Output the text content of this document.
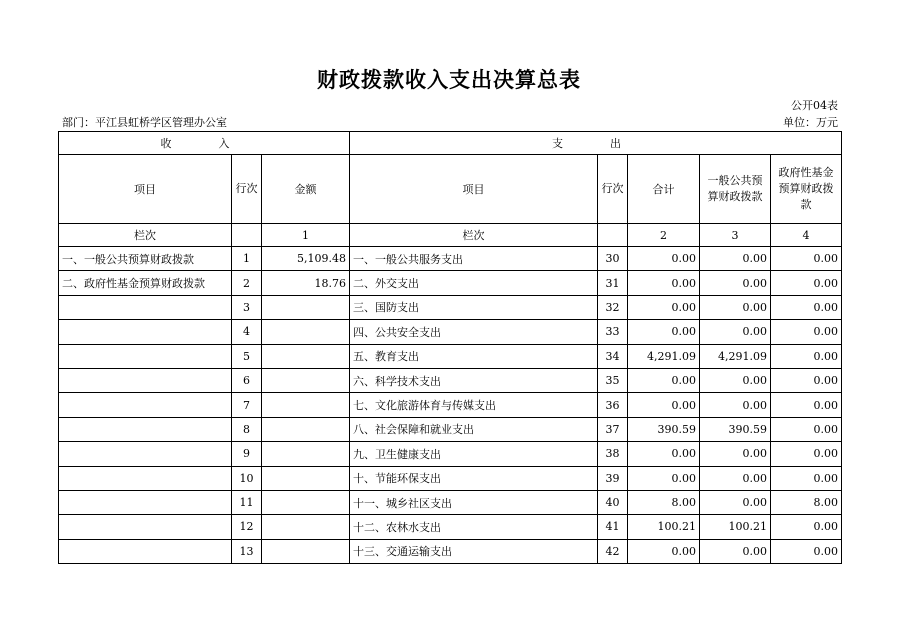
财政拨款收入支出决算总表
公开04表
部门：平江县虹桥学区管理办公室	单位：万元
收　入			支　出				
项目	行次	金额	项目	行次	合计	一般公共预算财政拨款	政府性基金预算财政拨款
栏次		1	栏次		2	3	4
一、一般公共预算财政拨款	1	5,109.48	一、一般公共服务支出	30	0.00	0.00	0.00
二、政府性基金预算财政拨款	2	18.76	二、外交支出	31	0.00	0.00	0.00
	3		三、国防支出	32	0.00	0.00	0.00
	4		四、公共安全支出	33	0.00	0.00	0.00
	5		五、教育支出	34	4,291.09	4,291.09	0.00
	6		六、科学技术支出	35	0.00	0.00	0.00
	7		七、文化旅游体育与传媒支出	36	0.00	0.00	0.00
	8		八、社会保障和就业支出	37	390.59	390.59	0.00
	9		九、卫生健康支出	38	0.00	0.00	0.00
	10		十、节能环保支出	39	0.00	0.00	0.00
	11		十一、城乡社区支出	40	8.00	0.00	8.00
	12		十二、农林水支出	41	100.21	100.21	0.00
	13		十三、交通运输支出	42	0.00	0.00	0.00
